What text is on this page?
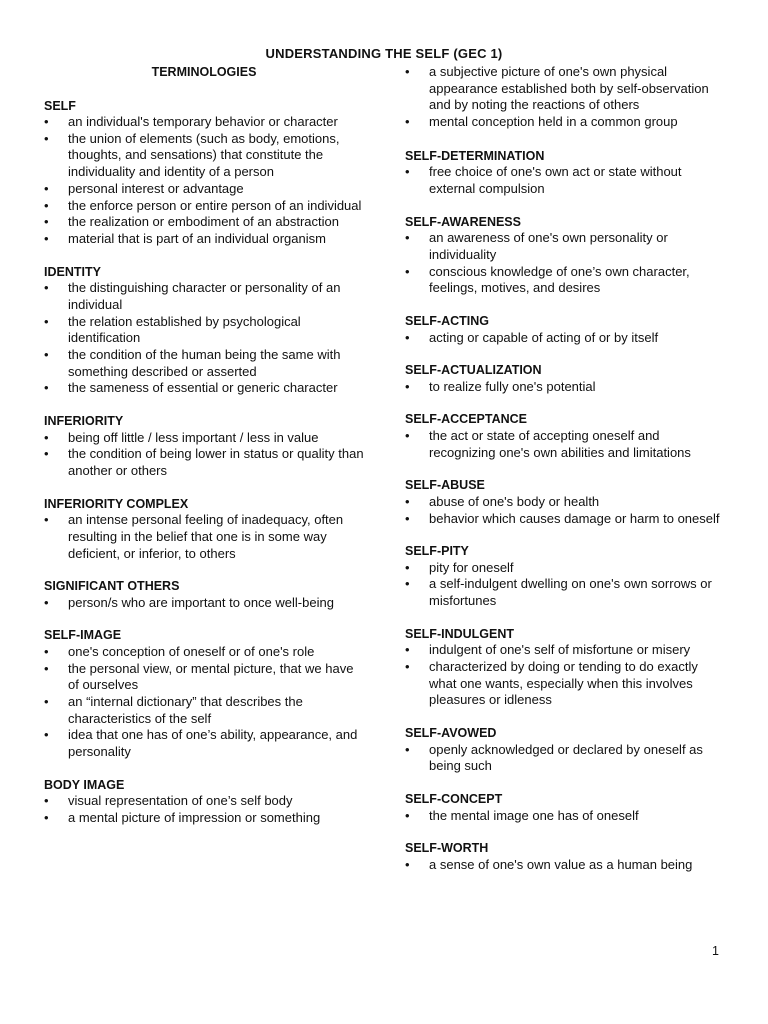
UNDERSTANDING THE SELF (GEC 1)
TERMINOLOGIES
SELF
•	an individual's temporary behavior or character
•	the union of elements (such as body, emotions, thoughts, and sensations) that constitute the individuality and identity of a person
•	personal interest or advantage
•	the enforce person or entire person of an individual
•	the realization or embodiment of an abstraction
•	material that is part of an individual organism
IDENTITY
•	the distinguishing character or personality of an individual
•	the relation established by psychological identification
•	the condition of the human being the same with something described or asserted
•	the sameness of essential or generic character
INFERIORITY
•	being off little / less important / less in value
•	the condition of being lower in status or quality than another or others
INFERIORITY COMPLEX
•	an intense personal feeling of inadequacy, often resulting in the belief that one is in some way deficient, or inferior, to others
SIGNIFICANT OTHERS
•	person/s who are important to once well-being
SELF-IMAGE
•	one's conception of oneself or of one's role
•	the personal view, or mental picture, that we have of ourselves
•	an “internal dictionary” that describes the characteristics of the self
•	idea that one has of one’s ability, appearance, and personality
BODY IMAGE
•	visual representation of one’s self body
•	a mental picture of impression or something
•	a subjective picture of one's own physical appearance established both by self-observation and by noting the reactions of others
•	mental conception held in a common group
SELF-DETERMINATION
•	free choice of one's own act or state without external compulsion
SELF-AWARENESS
•	an awareness of one's own personality or individuality
•	conscious knowledge of one’s own character, feelings, motives, and desires
SELF-ACTING
•	acting or capable of acting of or by itself
SELF-ACTUALIZATION
•	to realize fully one's potential
SELF-ACCEPTANCE
•	the act or state of accepting oneself and recognizing one's own abilities and limitations
SELF-ABUSE
•	abuse of one's body or health
•	behavior which causes damage or harm to oneself
SELF-PITY
•	pity for oneself
•	a self-indulgent dwelling on one's own sorrows or misfortunes
SELF-INDULGENT
•	indulgent of one's self of misfortune or misery
•	characterized by doing or tending to do exactly what one wants, especially when this involves pleasures or idleness
SELF-AVOWED
•	openly acknowledged or declared by oneself as being such
SELF-CONCEPT
•	the mental image one has of oneself
SELF-WORTH
•	a sense of one's own value as a human being
1
